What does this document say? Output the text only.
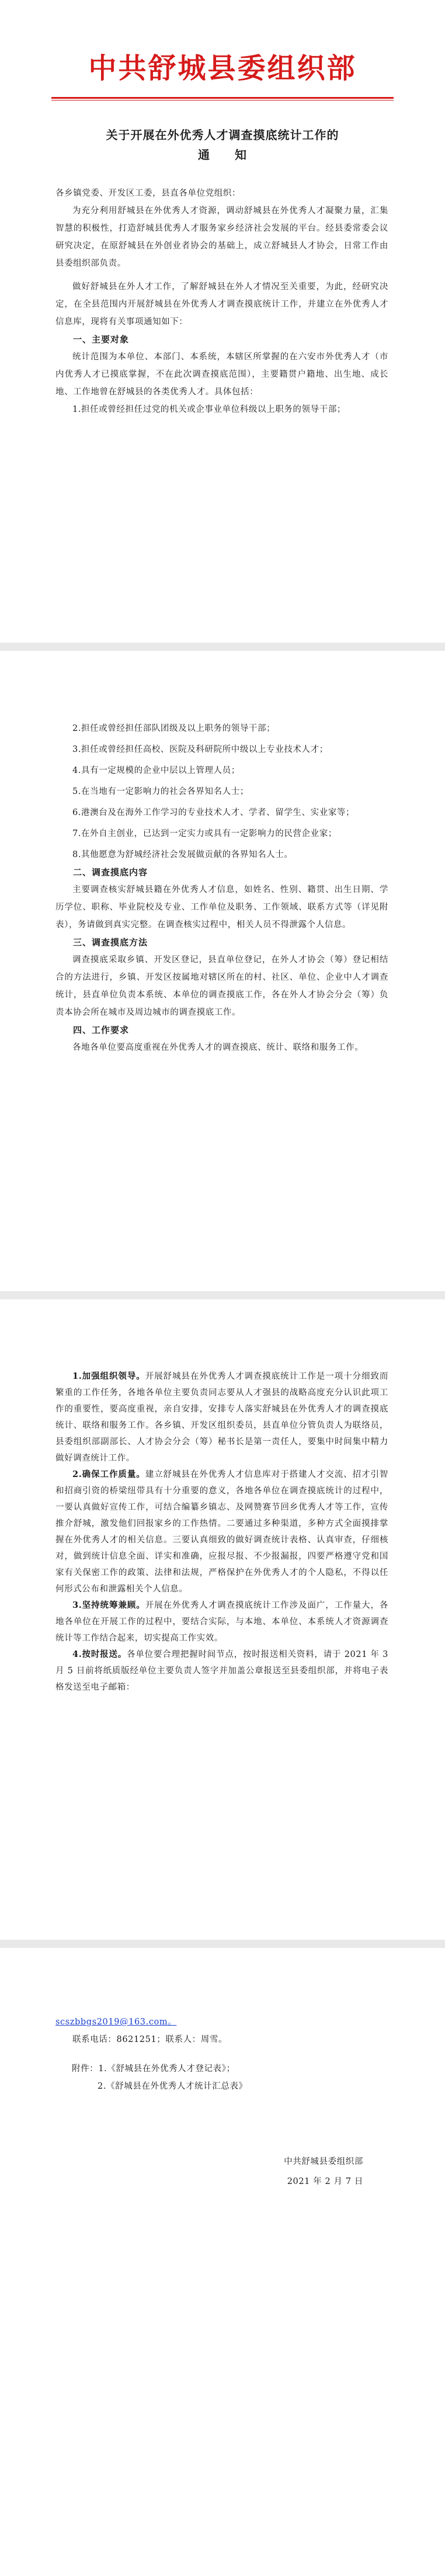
中共舒城县委组织部
关于开展在外优秀人才调查摸底统计工作的
通　　知

各乡镇党委、开发区工委，县直各单位党组织：

为充分利用舒城县在外优秀人才资源，调动舒城县在外优秀人才凝聚力量，汇集智慧的积极性，打造舒城县优秀人才服务家乡经济社会发展的平台。经县委常委会议研究决定，在原舒城县在外创业者协会的基础上，成立舒城县人才协会，日常工作由县委组织部负责。

做好舒城县在外人才工作，了解舒城县在外人才情况至关重要，为此，经研究决定，在全县范围内开展舒城县在外优秀人才调查摸底统计工作，并建立在外优秀人才信息库，现将有关事项通知如下：

一、主要对象

统计范围为本单位、本部门、本系统，本辖区所掌握的在六安市外优秀人才（市内优秀人才已摸底掌握，不在此次调查摸底范围），主要籍贯户籍地、出生地、成长地、工作地曾在舒城县的各类优秀人才。具体包括：

1.担任或曾经担任过党的机关或企事业单位科级以上职务的领导干部；

2.担任或曾经担任部队团级及以上职务的领导干部；

3.担任或曾经担任高校、医院及科研院所中级以上专业技术人才；

4.具有一定规模的企业中层以上管理人员；

5.在当地有一定影响力的社会各界知名人士；

6.港澳台及在海外工作学习的专业技术人才、学者、留学生、实业家等；

7.在外自主创业，已达到一定实力或具有一定影响力的民营企业家；

8.其他愿意为舒城经济社会发展做贡献的各界知名人士。

二、调查摸底内容

主要调查核实舒城县籍在外优秀人才信息，如姓名、性别、籍贯、出生日期、学历学位、职称、毕业院校及专业、工作单位及职务、工作领域、联系方式等（详见附表），务请做到真实完整。在调查核实过程中，相关人员不得泄露个人信息。

三、调查摸底方法

调查摸底采取乡镇、开发区登记，县直单位登记，在外人才协会（筹）登记相结合的方法进行，乡镇、开发区按属地对辖区所在的村、社区、单位、企业中人才调查统计，县直单位负责本系统、本单位的调查摸底工作，各在外人才协会分会（筹）负责本协会所在城市及周边城市的调查摸底工作。

四、工作要求

各地各单位要高度重视在外优秀人才的调查摸底、统计、联络和服务工作。

1.加强组织领导。开展舒城县在外优秀人才调查摸底统计工作是一项十分细致而繁重的工作任务，各地各单位主要负责同志要从人才强县的战略高度充分认识此项工作的重要性，要高度重视，亲自安排，安排专人落实舒城县在外优秀人才的调查摸底统计、联络和服务工作。各乡镇、开发区组织委员，县直单位分管负责人为联络员，县委组织部副部长、人才协会分会（筹）秘书长是第一责任人，要集中时间集中精力做好调查统计工作。

2.确保工作质量。建立舒城县在外优秀人才信息库对于搭建人才交流、招才引智和招商引资的桥梁纽带具有十分重要的意义，各地各单位在调查摸底统计的过程中，一要认真做好宣传工作，可结合编纂乡镇志、及网赞赛节回乡优秀人才等工作，宣传推介舒城，激发他们回报家乡的工作热情。二要通过多种渠道，多种方式全面摸排掌握在外优秀人才的相关信息。三要认真细致的做好调查统计表格、认真审查，仔细核对，做到统计信息全面、详实和准确，应报尽报、不少报漏报，四要严格遵守党和国家有关保密工作的政策、法律和法规，严格保护在外优秀人才的个人隐私，不得以任何形式公布和泄露相关个人信息。

3.坚持统筹兼顾。开展在外优秀人才调查摸底统计工作涉及面广，工作量大，各地各单位在开展工作的过程中，要结合实际，与本地、本单位、本系统人才资源调查统计等工作结合起来，切实提高工作实效。

4.按时报送。各单位要合理把握时间节点，按时报送相关资料，请于 2021 年 3 月 5 日前将纸质版经单位主要负责人签字并加盖公章报送至县委组织部，并将电子表格发送至电子邮箱：

scszbbgs2019@163.com。

联系电话：8621251；联系人：周雪。

附件：1.《舒城县在外优秀人才登记表》；
2.《舒城县在外优秀人才统计汇总表》
中共舒城县委组织部
2021 年 2 月 7 日
